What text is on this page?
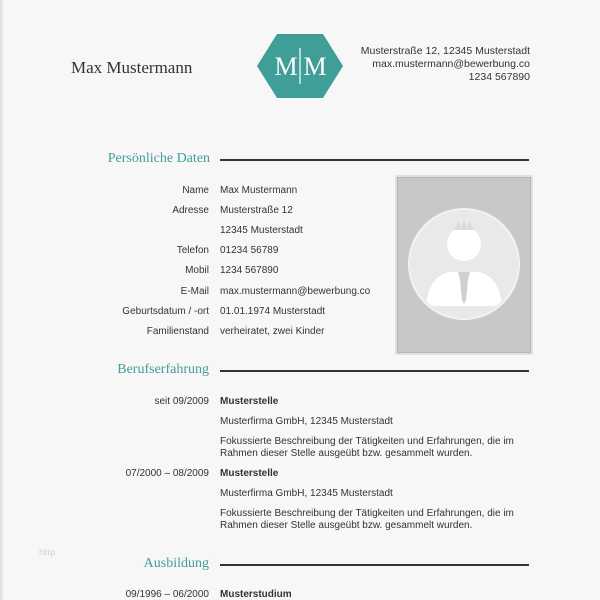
Max Mustermann	M M
Musterstraße 12, 12345 Musterstadt
max.mustermann@bewerbung.co
1234 567890
Persönliche Daten
Name Max Mustermann
Adresse Musterstraße 12
12345 Musterstadt
Telefon 01234 56789
Mobil 1234 567890
E-Mail max.mustermann@bewerbung.co
Geburtsdatum / -ort 01.01.1974 Musterstadt
Familienstand verheiratet, zwei Kinder
Berufserfahrung
seit 09/2009 Musterstelle
Musterfirma GmbH, 12345 Musterstadt
Fokussierte Beschreibung der Tätigkeiten und Erfahrungen, die im
Rahmen dieser Stelle ausgeübt bzw. gesammelt wurden.
07/2000 – 08/2009 Musterstelle
Musterfirma GmbH, 12345 Musterstadt
Fokussierte Beschreibung der Tätigkeiten und Erfahrungen, die im
Rahmen dieser Stelle ausgeübt bzw. gesammelt wurden.
Ausbildung
09/1996 – 06/2000 Musterstudium
http
